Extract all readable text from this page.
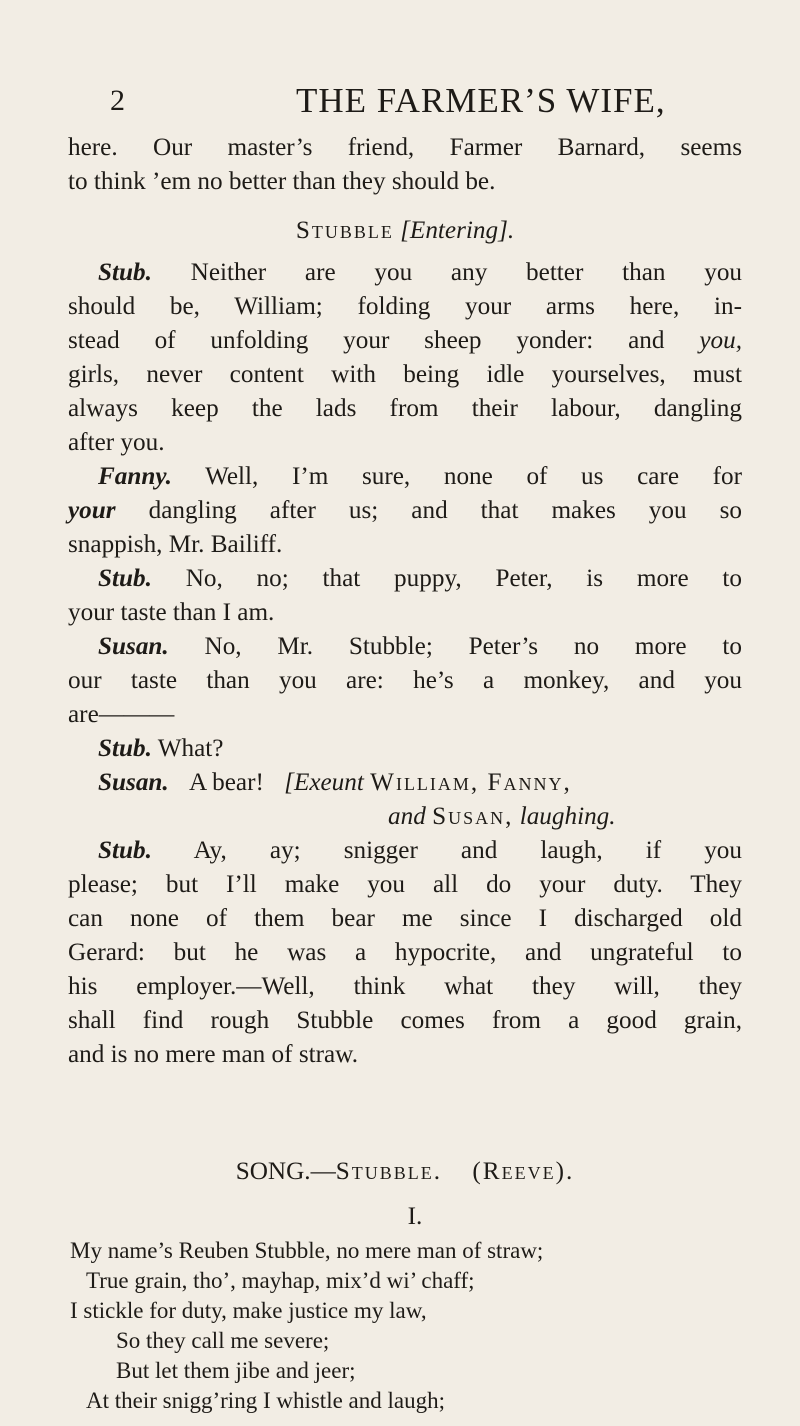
2	THE FARMER’S WIFE,
here. Our master’s friend, Farmer Barnard, seems
to think ’em no better than they should be.
Stubble [Entering].
Stub. Neither are you any better than you
should be, William; folding your arms here, in-
stead of unfolding your sheep yonder: and you,
girls, never content with being idle yourselves, must
always keep the lads from their labour, dangling
after you.
Fanny. Well, I’m sure, none of us care for
your dangling after us; and that makes you so
snappish, Mr. Bailiff.
Stub. No, no; that puppy, Peter, is more to
your taste than I am.
Susan. No, Mr. Stubble; Peter’s no more to
our taste than you are: he’s a monkey, and you
are———
Stub. What?
Susan. A bear! [Exeunt William, Fanny,
and Susan, laughing.
Stub. Ay, ay; snigger and laugh, if you
please; but I’ll make you all do your duty. They
can none of them bear me since I discharged old
Gerard: but he was a hypocrite, and ungrateful to
his employer.—Well, think what they will, they
shall find rough Stubble comes from a good grain,
and is no mere man of straw.
SONG.—Stubble. (Reeve).
I.
My name’s Reuben Stubble, no mere man of straw;
True grain, tho’, mayhap, mix’d wi’ chaff;
I stickle for duty, make justice my law,
So they call me severe;
But let them jibe and jeer;
At their snigg’ring I whistle and laugh;
